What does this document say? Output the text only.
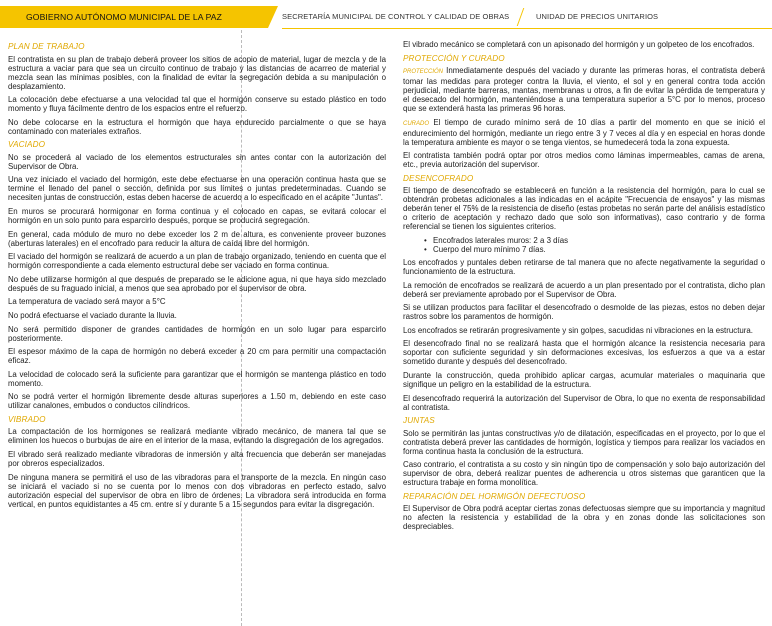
GOBIERNO AUTÓNOMO MUNICIPAL DE LA PAZ	SECRETARÍA MUNICIPAL DE CONTROL Y CALIDAD DE OBRAS	UNIDAD DE PRECIOS UNITARIOS
PLAN DE TRABAJO

El contratista en su plan de trabajo deberá proveer los sitios de acopio de material, lugar de mezcla y de la estructura a vaciar para que sea un circuito continuo de trabajo y las distancias de acarreo de material y mezcla sean las mínimas posibles, con la finalidad de evitar la segregación debida a su manipulación o desplazamiento.

La colocación debe efectuarse a una velocidad tal que el hormigón conserve su estado plástico en todo momento y fluya fácilmente dentro de los espacios entre el refuerzo.

No debe colocarse en la estructura el hormigón que haya endurecido parcialmente o que se haya contaminado con materiales extraños.

VACIADO

No se procederá al vaciado de los elementos estructurales sin antes contar con la autorización del Supervisor de Obra.

Una vez iniciado el vaciado del hormigón, este debe efectuarse en una operación continua hasta que se termine el llenado del panel o sección, definida por sus límites o juntas predeterminadas. Cuando se necesiten juntas de construcción, estas deben hacerse de acuerdo a lo especificado en el acápite "Juntas".

En muros se procurará hormigonar en forma continua y el colocado en capas, se evitará colocar el hormigón en un solo punto para esparcirlo después, porque se producirá segregación.

En general, cada módulo de muro no debe exceder los 2 m de altura, es conveniente proveer buzones (aberturas laterales) en el encofrado para reducir la altura de caída libre del hormigón.

El vaciado del hormigón se realizará de acuerdo a un plan de trabajo organizado, teniendo en cuenta que el hormigón correspondiente a cada elemento estructural debe ser vaciado en forma continua.

No debe utilizarse hormigón al que después de preparado se le adicione agua, ni que haya sido mezclado después de su fraguado inicial, a menos que sea aprobado por el supervisor de obra.

La temperatura de vaciado será mayor a 5°C

No podrá efectuarse el vaciado durante la lluvia.

No será permitido disponer de grandes cantidades de hormigón en un solo lugar para esparcirlo posteriormente.

El espesor máximo de la capa de hormigón no deberá exceder a 20 cm para permitir una compactación eficaz.

La velocidad de colocado será la suficiente para garantizar que el hormigón se mantenga plástico en todo momento.

No se podrá verter el hormigón libremente desde alturas superiores a 1.50 m, debiendo en este caso utilizar canalones, embudos o conductos cilíndricos.

VIBRADO

La compactación de los hormigones se realizará mediante vibrado mecánico, de manera tal que se eliminen los huecos o burbujas de aire en el interior de la masa, evitando la disgregación de los agregados.

El vibrado será realizado mediante vibradoras de inmersión y alta frecuencia que deberán ser manejadas por obreros especializados.

De ninguna manera se permitirá el uso de las vibradoras para el transporte de la mezcla. En ningún caso se iniciará el vaciado si no se cuenta por lo menos con dos vibradoras en perfecto estado, salvo autorización especial del supervisor de obra en libro de órdenes. La vibradora será introducida en forma vertical, en puntos equidistantes a 45 cm. entre sí y durante 5 a 15 segundos para evitar la disgregación.

El vibrado mecánico se completará con un apisonado del hormigón y un golpeteo de los encofrados.

PROTECCIÓN Y CURADO

PROTECCIÓN Inmediatamente después del vaciado y durante las primeras horas, el contratista deberá tomar las medidas para proteger contra la lluvia, el viento, el sol y en general contra toda acción perjudicial, mediante barreras, mantas, membranas u otros, a fin de evitar la pérdida de temperatura y el desecado del hormigón, manteniéndose a una temperatura superior a 5°C por lo menos, proceso que se extenderá hasta las primeras 96 horas.

CURADO El tiempo de curado mínimo será de 10 días a partir del momento en que se inició el endurecimiento del hormigón, mediante un riego entre 3 y 7 veces al día y en especial en horas donde la temperatura ambiente es mayor o se tenga vientos, se humedecerá toda la zona expuesta.

El contratista también podrá optar por otros medios como láminas impermeables, camas de arena, etc., previa autorización del supervisor.

DESENCOFRADO

El tiempo de desencofrado se establecerá en función a la resistencia del hormigón, para lo cual se obtendrán probetas adicionales a las indicadas en el acápite "Frecuencia de ensayos" y las mismas deberán tener el 75% de la resistencia de diseño (estas probetas no serán parte del análisis estadístico o criterio de aceptación y rechazo dado que solo son informativas), caso contrario y de forma referencial se tienen los siguientes criterios.

• Encofrados laterales muros: 2 a 3 días
• Cuerpo del muro mínimo 7 días.

Los encofrados y puntales deben retirarse de tal manera que no afecte negativamente la seguridad o funcionamiento de la estructura.

La remoción de encofrados se realizará de acuerdo a un plan presentado por el contratista, dicho plan deberá ser previamente aprobado por el Supervisor de Obra.

Si se utilizan productos para facilitar el desencofrado o desmolde de las piezas, estos no deben dejar rastros sobre los paramentos de hormigón.

Los encofrados se retirarán progresivamente y sin golpes, sacudidas ni vibraciones en la estructura.

El desencofrado final no se realizará hasta que el hormigón alcance la resistencia necesaria para soportar con suficiente seguridad y sin deformaciones excesivas, los esfuerzos a que va a estar sometido durante y después del desencofrado.

Durante la construcción, queda prohibido aplicar cargas, acumular materiales o maquinaria que signifique un peligro en la estabilidad de la estructura.

El desencofrado requerirá la autorización del Supervisor de Obra, lo que no exenta de responsabilidad al contratista.

JUNTAS

Solo se permitirán las juntas constructivas y/o de dilatación, especificadas en el proyecto, por lo que el contratista deberá prever las cantidades de hormigón, logística y tiempos para realizar los vaciados en forma continua hasta la conclusión de la estructura.

Caso contrario, el contratista a su costo y sin ningún tipo de compensación y solo bajo autorización del supervisor de obra, deberá realizar puentes de adherencia u otros sistemas que garanticen que la estructura trabaje en forma monolítica.

REPARACIÓN DEL HORMIGÓN DEFECTUOSO

El Supervisor de Obra podrá aceptar ciertas zonas defectuosas siempre que su importancia y magnitud no afecten la resistencia y estabilidad de la obra y en zonas donde las solicitaciones son despreciables.
